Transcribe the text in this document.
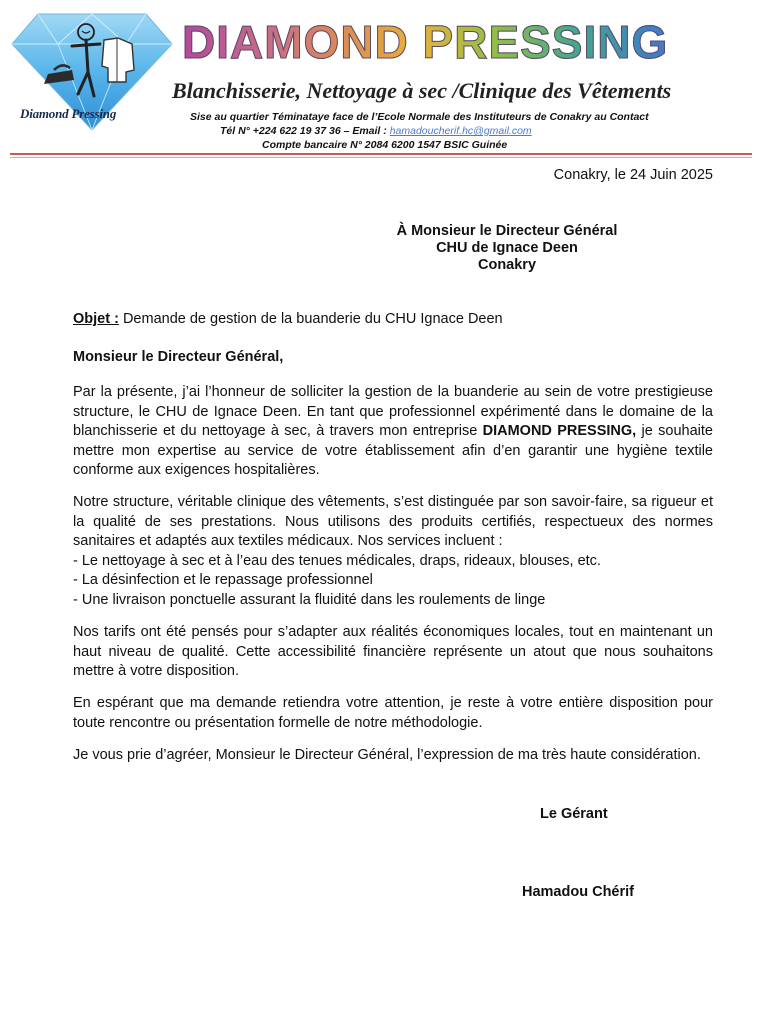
Diamond Pressing
DIAMOND PRESSING
Blanchisserie, Nettoyage à sec /Clinique des Vêtements
Sise au quartier Téminataye face de l’Ecole Normale des Instituteurs de Conakry au Contact
Tél N° +224 622 19 37 36 – Email : hamadoucherif.hc@gmail.com
Compte bancaire N° 2084 6200 1547 BSIC Guinée
Conakry, le 24 Juin 2025
À Monsieur le Directeur Général
CHU de Ignace Deen
Conakry
Objet : Demande de gestion de la buanderie du CHU Ignace Deen
Monsieur le Directeur Général,

Par la présente, j’ai l’honneur de solliciter la gestion de la buanderie au sein de votre prestigieuse structure, le CHU de Ignace Deen. En tant que professionnel expérimenté dans le domaine de la blanchisserie et du nettoyage à sec, à travers mon entreprise DIAMOND PRESSING, je souhaite mettre mon expertise au service de votre établissement afin d’en garantir une hygiène textile conforme aux exigences hospitalières.

Notre structure, véritable clinique des vêtements, s’est distinguée par son savoir-faire, sa rigueur et la qualité de ses prestations. Nous utilisons des produits certifiés, respectueux des normes sanitaires et adaptés aux textiles médicaux. Nos services incluent :
- Le nettoyage à sec et à l’eau des tenues médicales, draps, rideaux, blouses, etc.
- La désinfection et le repassage professionnel
- Une livraison ponctuelle assurant la fluidité dans les roulements de linge

Nos tarifs ont été pensés pour s’adapter aux réalités économiques locales, tout en maintenant un haut niveau de qualité. Cette accessibilité financière représente un atout que nous souhaitons mettre à votre disposition.

En espérant que ma demande retiendra votre attention, je reste à votre entière disposition pour toute rencontre ou présentation formelle de notre méthodologie.

Je vous prie d’agréer, Monsieur le Directeur Général, l’expression de ma très haute considération.

Le Gérant
Hamadou Chérif
